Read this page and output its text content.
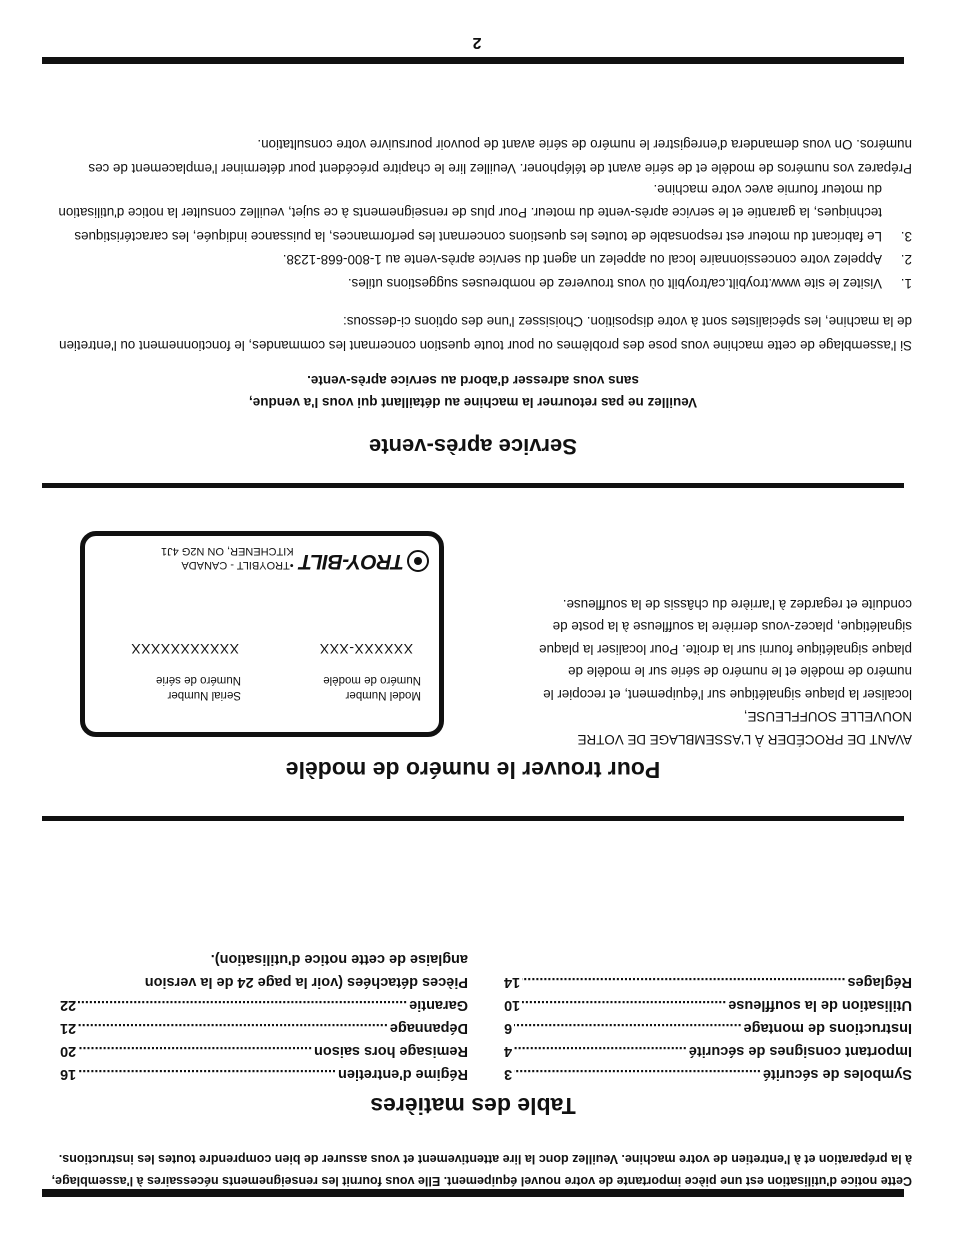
Cette notice d'utilisation est une pièce importante de votre nouvel équipement. Elle vous fournit les renseignements nécessaires à l'assemblage, à la préparation et à l'entretien de votre machine. Veuillez donc la lire attentivement et vous assurer de bien comprendre toutes les instructions.

Table des matières
Symboles de sécurité
.....
3
Important consignes de sécurité
.....
4
Instructions de montage
.....
6
Utilisation de la souffleuse
.....
10
Réglages
.....
14
Régime d'entretien
.....
16
Remisage hors saison
.....
20
Dépannage
.....
21
Garantie
.....
22
Pièces détachées (voir la page 24 de la version anglaise de cette notice d'utilisation).
Pour trouver le numéro de modèle
AVANT DE PROCÉDER À L'ASSEMBLAGE DE VOTRE NOUVELLE SOUFFLEUSE,
localiser la plaque signalétique sur l'équipement, et recopier le numéro de modèle et le numéro de série sur le modèle de plaque signalétique fourni sur la droite. Pour localiser la plaque signalétique, placez-vous derrière la souffleuse à la poste de conduite et regardez à l'arrière du châssis de la souffleuse.
Model Number
Numéro de modèle
Serial Number
Numéro de série
XXXXXX-XXX
XXXXXXXXXXX
TROY-BILT
•TROYBILT - CANADA
KITCHENER, ON N2G 4J1
Service après-vente
Veuillez ne pas retourner la machine au détaillant qui vous l'a vendue,
sans vous adresser d'abord au service après-vente.

Si l'assemblage de cette machine vous pose des problèmes ou pour toute question concernant les commandes, le fonctionnement ou l'entretien de la machine, les spécialistes sont à votre disposition. Choisissez l'une des options ci-dessous:

1.
Visitez le site www.troybilt.ca/troybilt où vous trouverez de nombreuses suggestions utiles.
2.
Appelez votre concessionnaire local ou appelez un agent du service après-vente au 1-800-668-1238.
3.
Le fabricant du moteur est responsable de toutes les questions concernant les performances, la puissance indiquée, les caractéristiques techniques, la garantie et le service après-vente du moteur. Pour plus de renseignements à ce sujet, veuillez consulter la notice d'utilisation du moteur fournie avec votre machine.

Préparez vos numéros de modèle et de série avant de téléphoner. Veuillez lire le chapitre précédent pour déterminer l'emplacement de ces numéros. On vous demandera d'enregistrer le numéro de série avant de pouvoir poursuivre votre consultation.

2
